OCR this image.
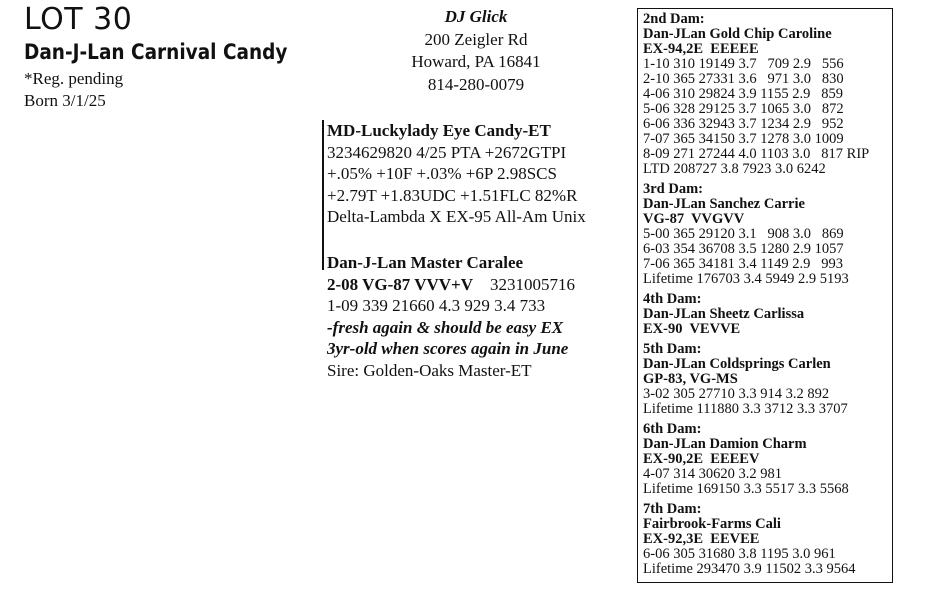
LOT 30
Dan-J-Lan Carnival Candy
*Reg. pending
Born 3/1/25
DJ Glick
200 Zeigler Rd
Howard, PA 16841
814-280-0079
MD-Luckylady Eye Candy-ET
3234629820 4/25 PTA +2672GTPI
+.05% +10F +.03% +6P 2.98SCS
+2.79T +1.83UDC +1.51FLC 82%R
Delta-Lambda X EX-95 All-Am Unix
Dan-J-Lan Master Caralee
2-08 VG-87 VVV+V 3231005716
1-09 339 21660 4.3 929 3.4 733
-fresh again & should be easy EX
3yr-old when scores again in June
Sire: Golden-Oaks Master-ET
2nd Dam:
Dan-JLan Gold Chip Caroline
EX-94,2E  EEEEE
1-10 310 19149 3.7   709 2.9   556
2-10 365 27331 3.6   971 3.0   830
4-06 310 29824 3.9 1155 2.9   859
5-06 328 29125 3.7 1065 3.0   872
6-06 336 32943 3.7 1234 2.9   952
7-07 365 34150 3.7 1278 3.0 1009
8-09 271 27244 4.0 1103 3.0   817 RIP
LTD 208727 3.8 7923 3.0 6242
3rd Dam:
Dan-JLan Sanchez Carrie
VG-87  VVGVV
5-00 365 29120 3.1   908 3.0   869
6-03 354 36708 3.5 1280 2.9 1057
7-06 365 34181 3.4 1149 2.9   993
Lifetime 176703 3.4 5949 2.9 5193
4th Dam:
Dan-JLan Sheetz Carlissa
EX-90  VEVVE
5th Dam:
Dan-JLan Coldsprings Carlen
GP-83, VG-MS
3-02 305 27710 3.3 914 3.2 892
Lifetime 111880 3.3 3712 3.3 3707
6th Dam:
Dan-JLan Damion Charm
EX-90,2E  EEEEV
4-07 314 30620 3.2 981
Lifetime 169150 3.3 5517 3.3 5568
7th Dam:
Fairbrook-Farms Cali
EX-92,3E  EEVEE
6-06 305 31680 3.8 1195 3.0 961
Lifetime 293470 3.9 11502 3.3 9564
